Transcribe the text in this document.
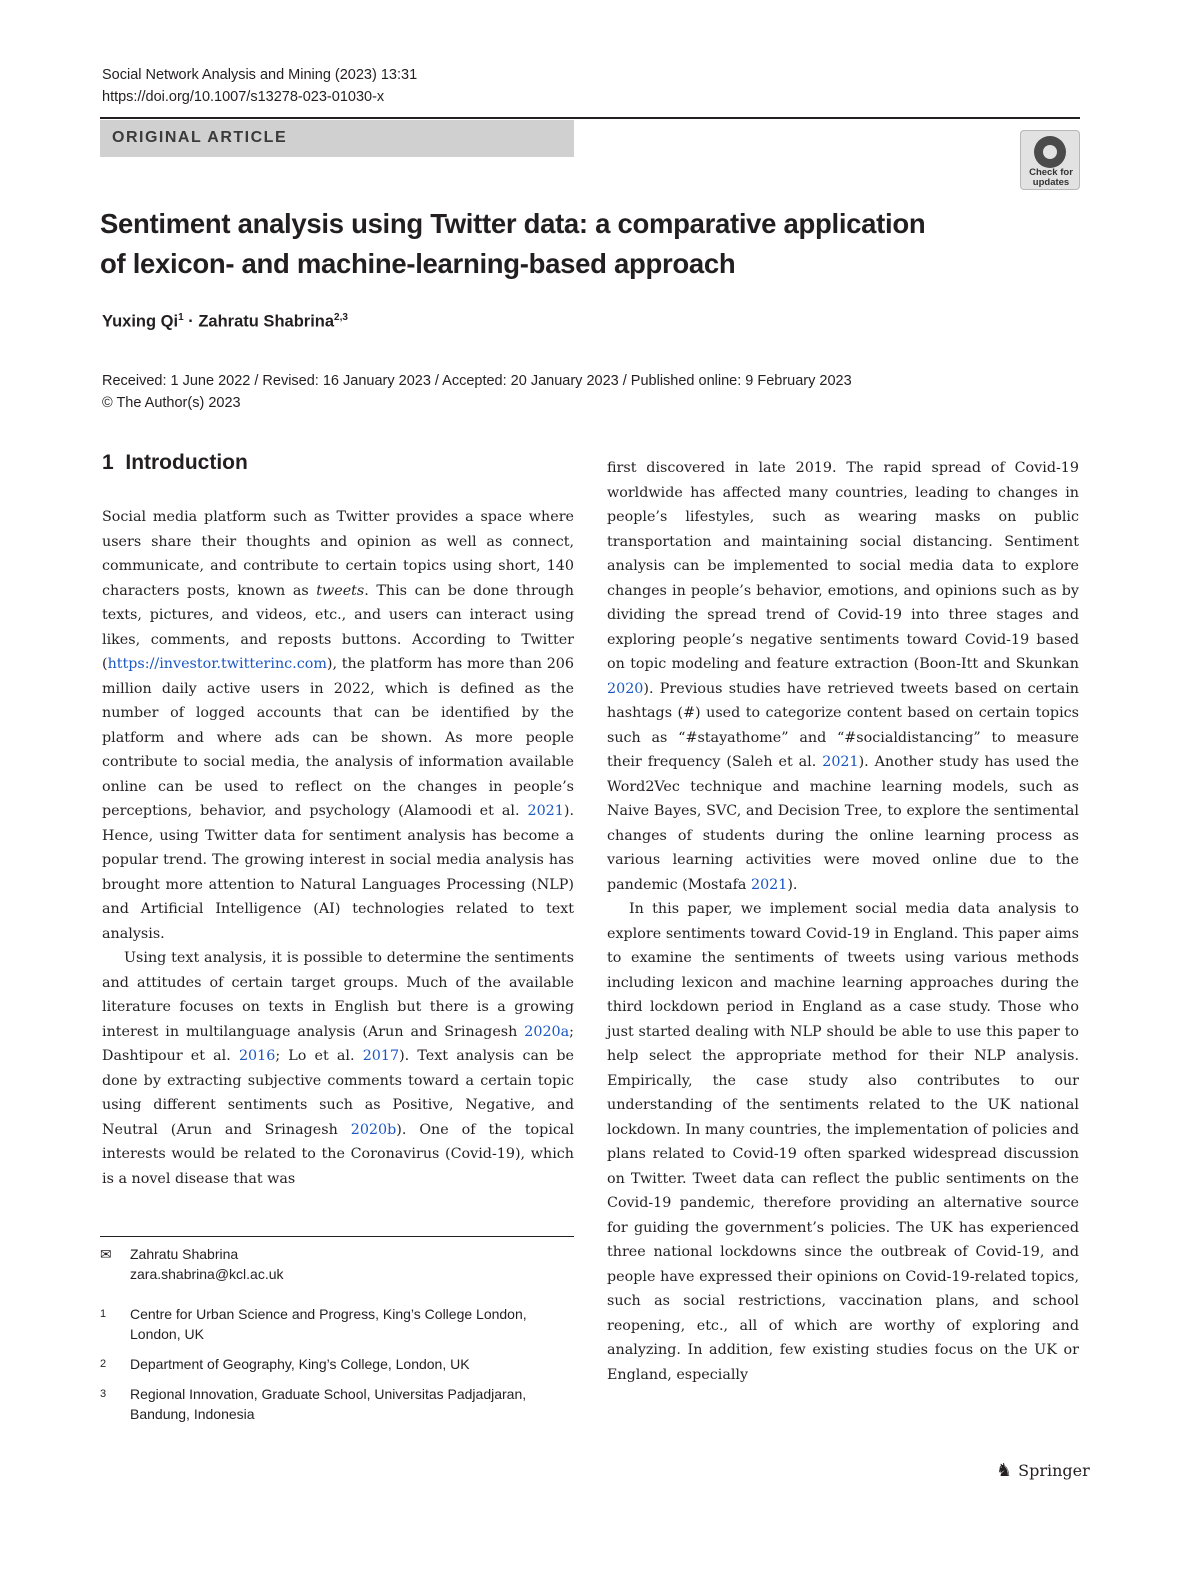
Social Network Analysis and Mining (2023) 13:31
https://doi.org/10.1007/s13278-023-01030-x
ORIGINAL ARTICLE
Check for updates
Sentiment analysis using Twitter data: a comparative application
of lexicon- and machine-learning-based approach
Yuxing $Qi^1$ · Zahratu Shabrina$^{2,3}$
Received: 1 June 2022 / Revised: 16 January 2023 / Accepted: 20 January 2023 / Published online: 9 February 2023
© The Author(s) 2023
1 Introduction

Social media platform such as Twitter provides a space where users share their thoughts and opinion as well as connect, communicate, and contribute to certain topics using short, 140 characters posts, known as tweets. This can be done through texts, pictures, and videos, etc., and users can interact using likes, comments, and reposts buttons. According to Twitter (https://investor.twitterinc.com), the platform has more than 206 million daily active users in 2022, which is defined as the number of logged accounts that can be identified by the platform and where ads can be shown. As more people contribute to social media, the analysis of information available online can be used to reflect on the changes in people’s perceptions, behavior, and psychology (Alamoodi et al. 2021). Hence, using Twitter data for sentiment analysis has become a popular trend. The growing interest in social media analysis has brought more attention to Natural Languages Processing (NLP) and Artificial Intelligence (AI) technologies related to text analysis.

Using text analysis, it is possible to determine the sentiments and attitudes of certain target groups. Much of the available literature focuses on texts in English but there is a growing interest in multilanguage analysis (Arun and Srinagesh 2020a; Dashtipour et al. 2016; Lo et al. 2017). Text analysis can be done by extracting subjective comments toward a certain topic using different sentiments such as Positive, Negative, and Neutral (Arun and Srinagesh 2020b). One of the topical interests would be related to the Coronavirus (Covid-19), which is a novel disease that was

first discovered in late 2019. The rapid spread of Covid-19 worldwide has affected many countries, leading to changes in people’s lifestyles, such as wearing masks on public transportation and maintaining social distancing. Sentiment analysis can be implemented to social media data to explore changes in people’s behavior, emotions, and opinions such as by dividing the spread trend of Covid-19 into three stages and exploring people’s negative sentiments toward Covid-19 based on topic modeling and feature extraction (Boon-Itt and Skunkan 2020). Previous studies have retrieved tweets based on certain hashtags (#) used to categorize content based on certain topics such as “#stayathome” and “#socialdistancing” to measure their frequency (Saleh et al. 2021). Another study has used the Word2Vec technique and machine learning models, such as Naive Bayes, SVC, and Decision Tree, to explore the sentimental changes of students during the online learning process as various learning activities were moved online due to the pandemic (Mostafa 2021).

In this paper, we implement social media data analysis to explore sentiments toward Covid-19 in England. This paper aims to examine the sentiments of tweets using various methods including lexicon and machine learning approaches during the third lockdown period in England as a case study. Those who just started dealing with NLP should be able to use this paper to help select the appropriate method for their NLP analysis. Empirically, the case study also contributes to our understanding of the sentiments related to the UK national lockdown. In many countries, the implementation of policies and plans related to Covid-19 often sparked widespread discussion on Twitter. Tweet data can reflect the public sentiments on the Covid-19 pandemic, therefore providing an alternative source for guiding the government’s policies. The UK has experienced three national lockdowns since the outbreak of Covid-19, and people have expressed their opinions on Covid-19-related topics, such as social restrictions, vaccination plans, and school reopening, etc., all of which are worthy of exploring and analyzing. In addition, few existing studies focus on the UK or England, especially

✉ Zahratu Shabrina
zara.shabrina@kcl.ac.uk
1 Centre for Urban Science and Progress, King’s College London, London, UK
2 Department of Geography, King’s College, London, UK
3 Regional Innovation, Graduate School, Universitas Padjadjaran, Bandung, Indonesia
♞ Springer
